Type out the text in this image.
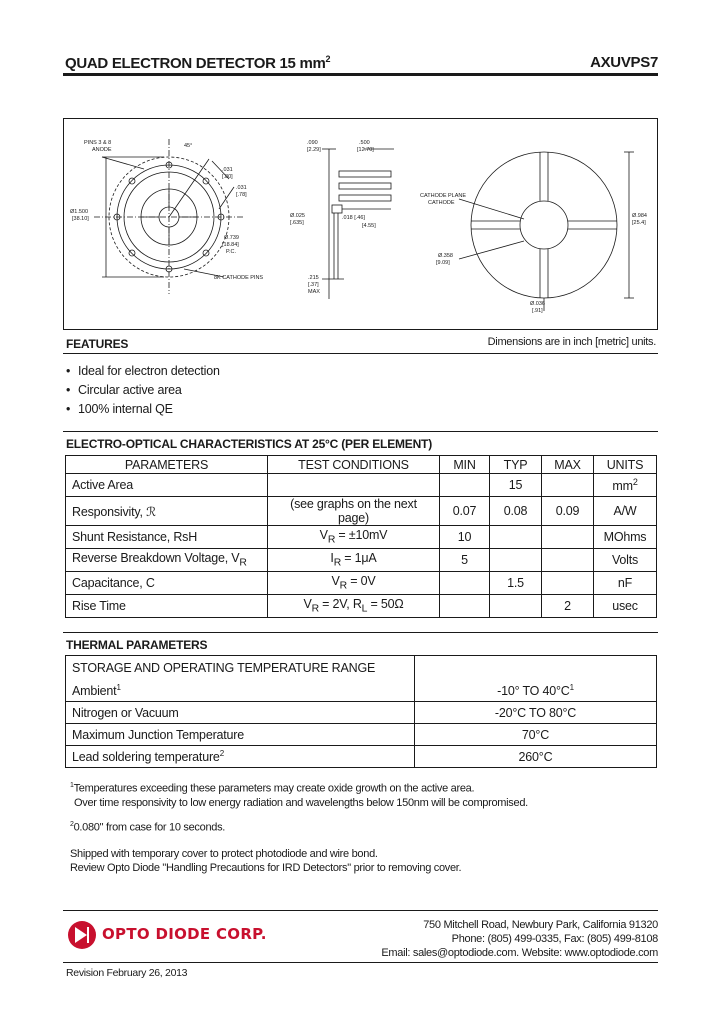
QUAD ELECTRON DETECTOR 15 $mm^2$	AXUVPS7
PINS 3 & 8
ANODE
45°
.031
[.80]
.031
[.78]
Ø1.500
[38.10]
Ø.739
[18.84]
P.C.
8K CATHODE PINS
.090
[2.29]
.500
[12.70]
Ø.025
[.635]
.018 [.46]
[4.55]
.215
[.37]
MAX
CATHODE PLANE
CATHODE
Ø.358
[9.09]
Ø.984
[25.4]
Ø.036
[.91]
Dimensions are in inch [metric] units.
FEATURES
• Ideal for electron detection
• Circular active area
• 100% internal QE
ELECTRO-OPTICAL CHARACTERISTICS AT 25°C (PER ELEMENT)
PARAMETERS	TEST CONDITIONS	MIN	TYP	MAX	UNITS
Active Area			15		$mm^2$
Responsivity, ℛ	(see graphs on the next page)	0.07	0.08	0.09	A/W
Shunt Resistance, RsH	$V_R = \pm 10mV$	10			MOhms
Reverse Breakdown Voltage, $V_R$	$I_R = 1\mu A$	5			Volts
Capacitance, C	$V_R = 0V$		1.5		nF
Rise Time	$V_R = 2V$, $R_L = 50\Omega$			2	usec
THERMAL PARAMETERS
STORAGE AND OPERATING TEMPERATURE RANGE	
Ambient$^1$	-10° TO $40^\circ C^1$
Nitrogen or Vacuum	-20°C TO 80°C
Maximum Junction Temperature	70°C
Lead soldering temperature$^2$	260°C
$^1$Temperatures exceeding these parameters may create oxide growth on the active area.
Over time responsivity to low energy radiation and wavelengths below 150nm will be compromised.
$^2$0.080" from case for 10 seconds.
Shipped with temporary cover to protect photodiode and wire bond.
Review Opto Diode "Handling Precautions for IRD Detectors" prior to removing cover.
OPTO DIODE CORP.	750 Mitchell Road, Newbury Park, California 91320
Phone: (805) 499-0335, Fax: (805) 499-8108
Email: sales@optodiode.com. Website: www.optodiode.com
Revision February 26, 2013
